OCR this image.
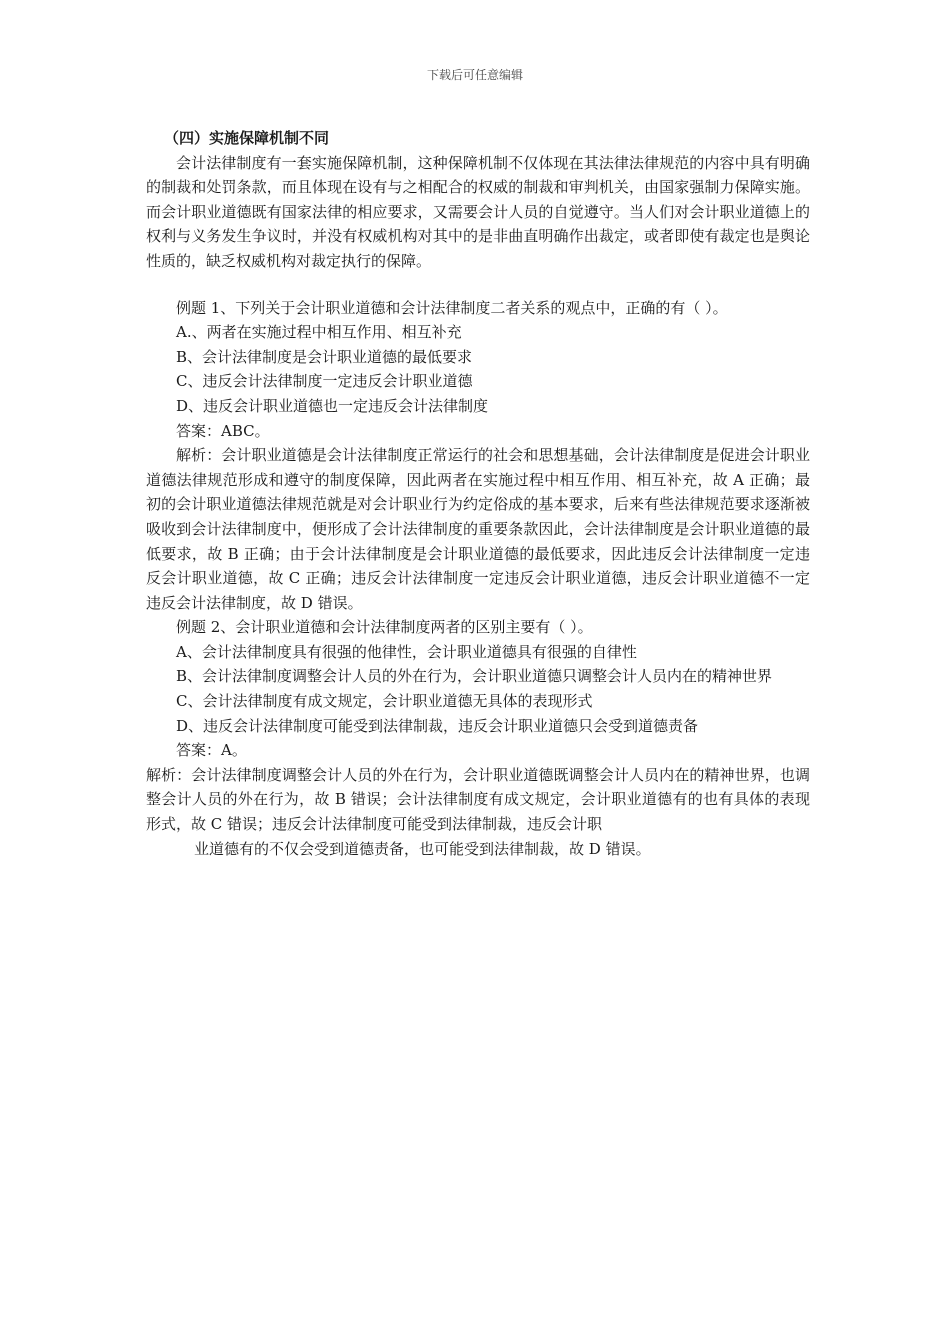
下载后可任意编辑
（四）实施保障机制不同

会计法律制度有一套实施保障机制，这种保障机制不仅体现在其法律法律规范的内容中具有明确的制裁和处罚条款，而且体现在设有与之相配合的权威的制裁和审判机关，由国家强制力保障实施。而会计职业道德既有国家法律的相应要求，又需要会计人员的自觉遵守。当人们对会计职业道德上的权利与义务发生争议时，并没有权威机构对其中的是非曲直明确作出裁定，或者即使有裁定也是舆论性质的，缺乏权威机构对裁定执行的保障。

例题 1、下列关于会计职业道德和会计法律制度二者关系的观点中，正确的有（ ）。

A.、两者在实施过程中相互作用、相互补充

B、会计法律制度是会计职业道德的最低要求

C、违反会计法律制度一定违反会计职业道德

D、违反会计职业道德也一定违反会计法律制度

答案：ABC。

解析：会计职业道德是会计法律制度正常运行的社会和思想基础，会计法律制度是促进会计职业道德法律规范形成和遵守的制度保障，因此两者在实施过程中相互作用、相互补充，故 A 正确；最初的会计职业道德法律规范就是对会计职业行为约定俗成的基本要求，后来有些法律规范要求逐渐被吸收到会计法律制度中，便形成了会计法律制度的重要条款因此，会计法律制度是会计职业道德的最低要求，故 B 正确；由于会计法律制度是会计职业道德的最低要求，因此违反会计法律制度一定违反会计职业道德，故 C 正确；违反会计法律制度一定违反会计职业道德，违反会计职业道德不一定违反会计法律制度，故 D 错误。

例题 2、会计职业道德和会计法律制度两者的区别主要有（ ）。

A、会计法律制度具有很强的他律性，会计职业道德具有很强的自律性

B、会计法律制度调整会计人员的外在行为，会计职业道德只调整会计人员内在的精神世界

C、会计法律制度有成文规定，会计职业道德无具体的表现形式

D、违反会计法律制度可能受到法律制裁，违反会计职业道德只会受到道德责备

答案：A。

解析：会计法律制度调整会计人员的外在行为，会计职业道德既调整会计人员内在的精神世界，也调整会计人员的外在行为，故 B 错误；会计法律制度有成文规定，会计职业道德有的也有具体的表现形式，故 C 错误；违反会计法律制度可能受到法律制裁，违反会计职

业道德有的不仅会受到道德责备，也可能受到法律制裁，故 D 错误。
